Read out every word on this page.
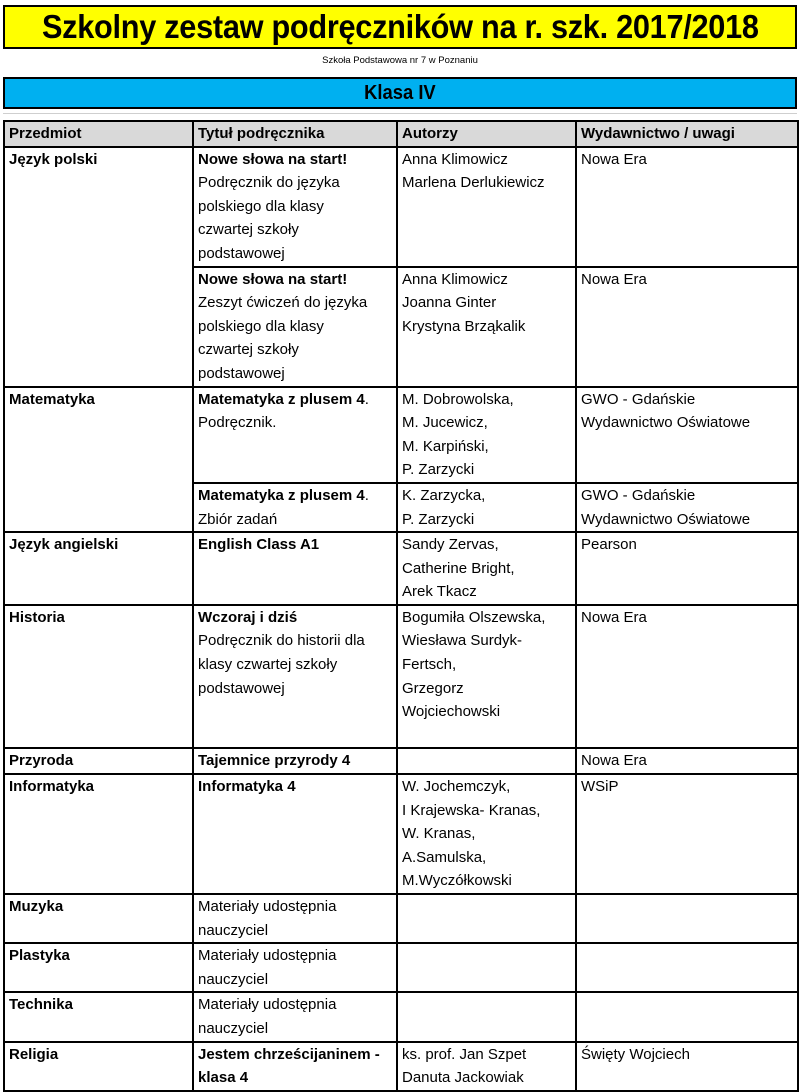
Szkolny zestaw podręczników na r. szk. 2017/2018
Szkoła Podstawowa nr 7 w Poznaniu
Klasa IV
Przedmiot	Tytuł podręcznika	Autorzy	Wydawnictwo / uwagi
Język polski	Nowe słowa na start!
Podręcznik do języka
polskiego dla klasy
czwartej szkoły
podstawowej	Anna Klimowicz
Marlena Derlukiewicz	Nowa Era

	Nowe słowa na start!
Zeszyt ćwiczeń do języka
polskiego dla klasy
czwartej szkoły
podstawowej	Anna Klimowicz
Joanna Ginter
Krystyna Brząkalik	Nowa Era

Matematyka	Matematyka z plusem 4.
Podręcznik.	M. Dobrowolska,
M. Jucewicz,
M. Karpiński,
P. Zarzycki	GWO - Gdańskie
Wydawnictwo Oświatowe

	Matematyka z plusem 4.
Zbiór zadań	K. Zarzycka,
P. Zarzycki	GWO - Gdańskie
Wydawnictwo Oświatowe

Język angielski	English Class A1	Sandy Zervas,
Catherine Bright,
Arek Tkacz	Pearson

Historia	Wczoraj i dziś
Podręcznik do historii dla
klasy czwartej szkoły
podstawowej	Bogumiła Olszewska,
Wiesława Surdyk-
Fertsch,
Grzegorz
Wojciechowski	Nowa Era

Przyroda	Tajemnice przyrody 4		Nowa Era

Informatyka	Informatyka 4	W. Jochemczyk,
I Krajewska- Kranas,
W. Kranas,
A.Samulska,
M.Wyczółkowski	WSiP

Muzyka	Materiały udostępnia
nauczyciel		

Plastyka	Materiały udostępnia
nauczyciel		

Technika	Materiały udostępnia
nauczyciel		

Religia	Jestem chrześcijaninem -
klasa 4	ks. prof. Jan Szpet
Danuta Jackowiak	Święty Wojciech
